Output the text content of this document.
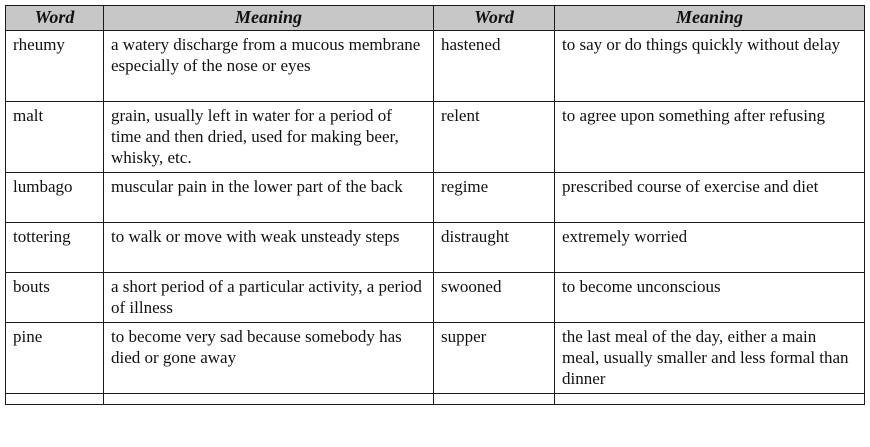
Word	Meaning	Word	Meaning
rheumy	a watery discharge from a mucous membrane especially of the nose or eyes	hastened	to say or do things quickly without delay
malt	grain, usually left in water for a period of time and then dried, used for making beer, whisky, etc.	relent	to agree upon something after refusing
lumbago	muscular pain in the lower part of the back	regime	prescribed course of exercise and diet
tottering	to walk or move with weak unsteady steps	distraught	extremely worried
bouts	a short period of a particular activity, a period of illness	swooned	to become unconscious
pine	to become very sad because somebody has died or gone away	supper	the last meal of the day, either a main meal, usually smaller and less formal than dinner
